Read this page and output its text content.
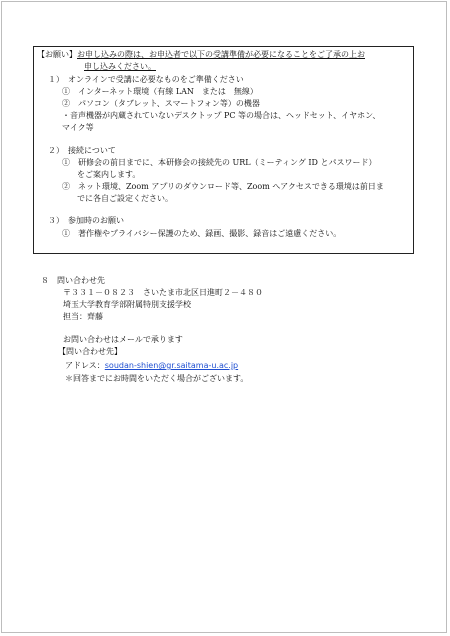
【お願い】お申し込みの際は、お申込者で以下の受講準備が必要になることをご了承の上お
申し込みください。
１）　オンラインで受講に必要なものをご準備ください
①　インターネット環境（有線 LAN　または　無線）
②　パソコン（タブレット、スマートフォン等）の機器
・音声機器が内蔵されていないデスクトップ PC 等の場合は、ヘッドセット、イヤホン、
マイク等
２）　接続について
①　研修会の前日までに、本研修会の接続先の URL（ミーティング ID とパスワード）
をご案内します。
②　ネット環境、Zoom アプリのダウンロード等、Zoom へアクセスできる環境は前日ま
でに各自ご設定ください。
３）　参加時のお願い
①　著作権やプライバシー保護のため、録画、撮影、録音はご遠慮ください。
８　問い合わせ先
〒３３１－０８２３　さいたま市北区日進町２－４８０
埼玉大学教育学部附属特別支援学校
担当：齊藤
お問い合わせはメールで承ります
【問い合わせ先】
アドレス：soudan-shien@gr.saitama-u.ac.jp
＊回答までにお時間をいただく場合がございます。
